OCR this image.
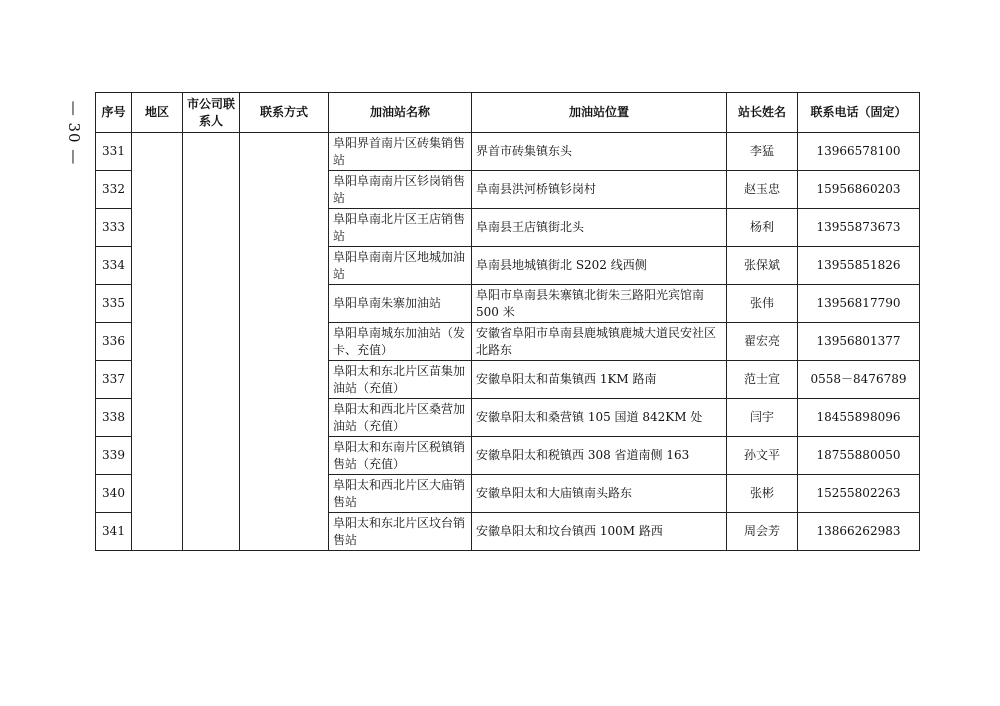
— 30 — 序号	地区	市公司联系人	联系方式	加油站名称	加油站位置	站长姓名	联系电话（固定）
331				阜阳界首南片区砖集销售站	界首市砖集镇东头	李猛	13966578100
332				阜阳阜南南片区钐岗销售站	阜南县洪河桥镇钐岗村	赵玉忠	15956860203
333				阜阳阜南北片区王店销售站	阜南县王店镇街北头	杨利	13955873673
334				阜阳阜南南片区地城加油站	阜南县地城镇街北 S202 线西侧	张保斌	13955851826
335				阜阳阜南朱寨加油站	阜阳市阜南县朱寨镇北街朱三路阳光宾馆南 500 米	张伟	13956817790
336				阜阳阜南城东加油站（发卡、充值）	安徽省阜阳市阜南县鹿城镇鹿城大道民安社区北路东	翟宏亮	13956801377
337				阜阳太和东北片区苗集加油站（充值）	安徽阜阳太和苗集镇西 1KM 路南	范士宣	0558－8476789
338				阜阳太和西北片区桑营加油站（充值）	安徽阜阳太和桑营镇 105 国道 842KM 处	闫宇	18455898096
339				阜阳太和东南片区税镇销售站（充值）	安徽阜阳太和税镇西 308 省道南侧 163	孙文平	18755880050
340				阜阳太和西北片区大庙销售站	安徽阜阳太和大庙镇南头路东	张彬	15255802263
341				阜阳太和东北片区坟台销售站	安徽阜阳太和坟台镇西 100M 路西	周会芳	13866262983
